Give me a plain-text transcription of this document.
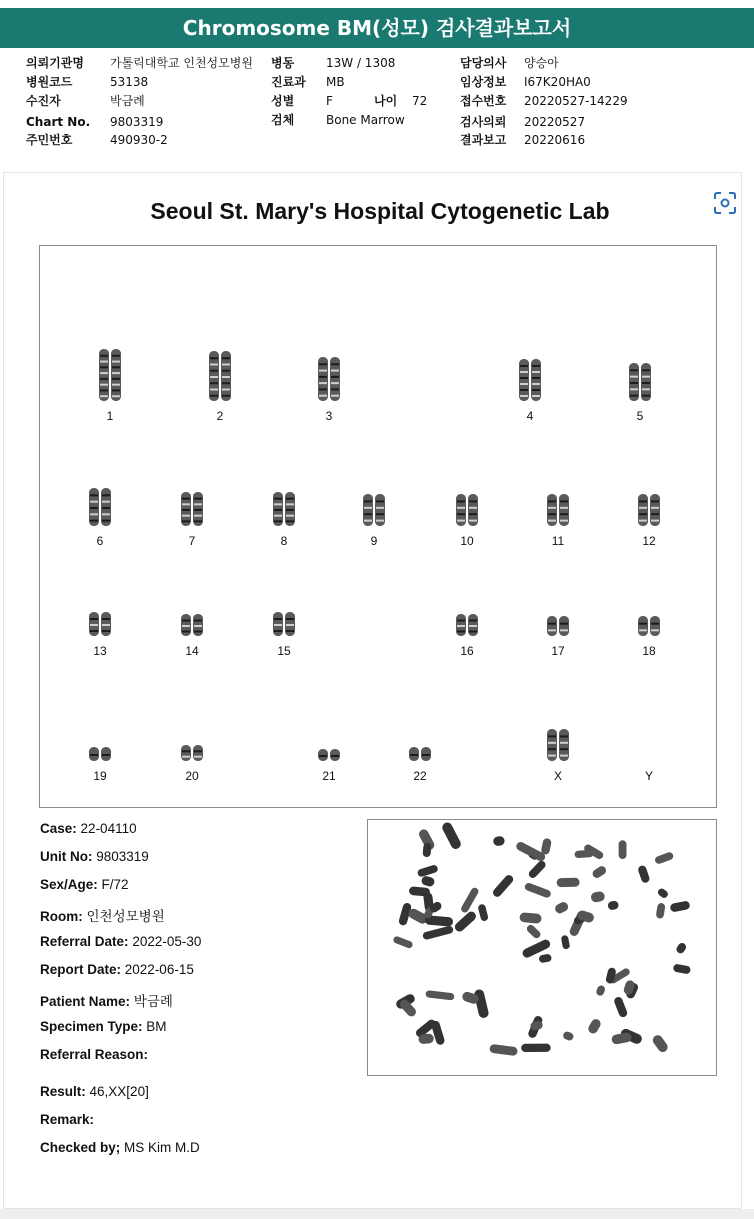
Chromosome BM(성모) 검사결과보고서
의뢰기관명 가톨릭대학교 인천성모병원
병원코드	53138
수진자	박금례
Chart No. 9803319
주민번호	490930-2
병동	13W / 1308
진료과 MB
성별	F	나이 72
검체	Bone Marrow
담당의사 양승아
임상정보 I67K20HA0
접수번호 20220527-14229
검사의뢰 20220527
결과보고 20220616
Seoul St. Mary's Hospital Cytogenetic Lab
1	2	3	4	5
6	7	8	9	10	11	12
13	14	15	16	17	18
19	20	21	22	X	Y
Case: 22-04110
Unit No: 9803319
Sex/Age: F/72
Room: 인천성모병원
Referral Date: 2022-05-30
Report Date: 2022-06-15
Patient Name: 박금례
Specimen Type: BM
Referral Reason:
Result: 46,XX[20]
Remark:
Checked by; MS Kim M.D
